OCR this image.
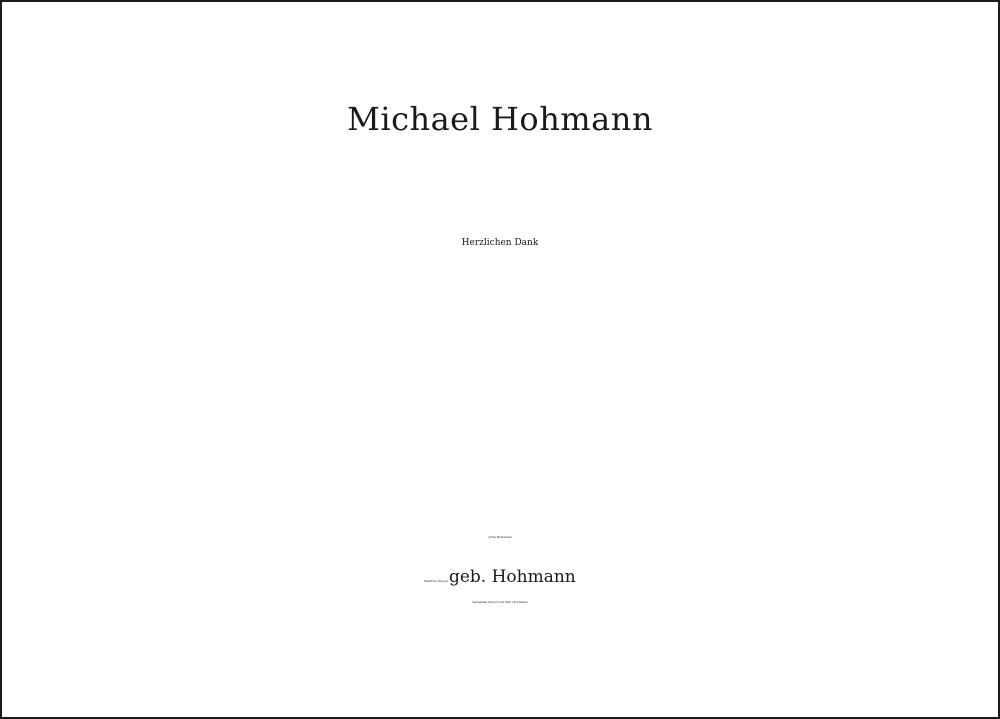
Michael Hohmann
Herzlichen Dank
Jutta Hohmann
Beatrice Steyer geb. Hohmann
Sebastian Steyer mit Mia und Marie
